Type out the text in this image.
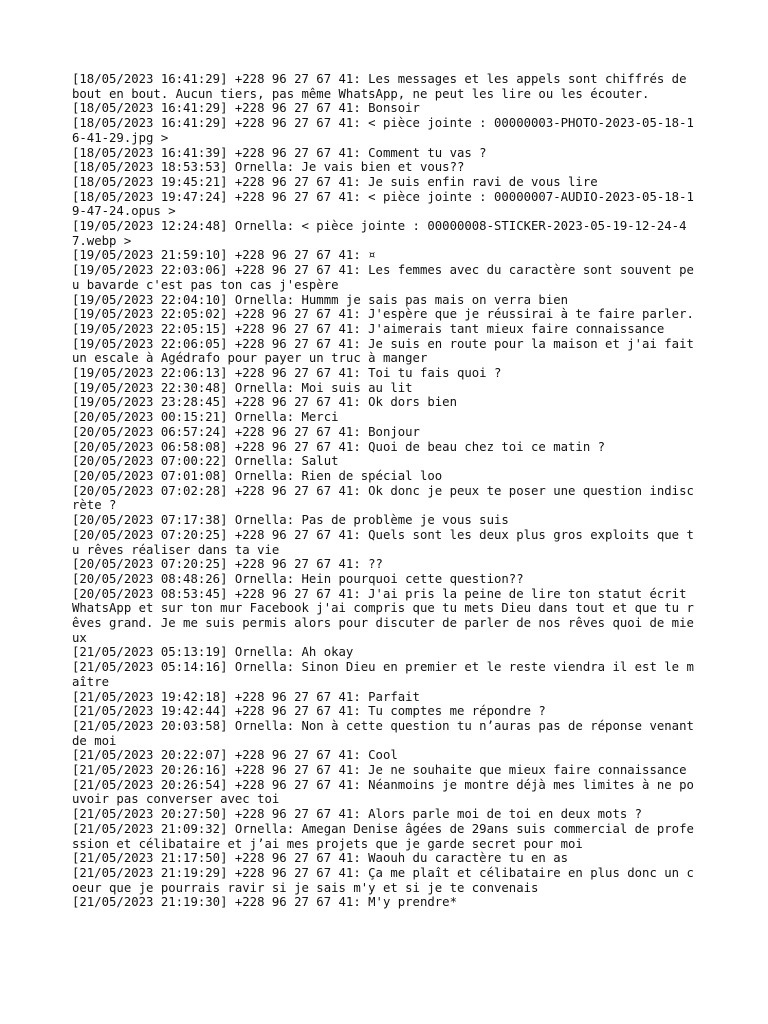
[18/05/2023 16:41:29] +228 96 27 67 41: Les messages et les appels sont chiffrés de bout en bout. Aucun tiers, pas même WhatsApp, ne peut les lire ou les écouter.

[18/05/2023 16:41:29] +228 96 27 67 41: Bonsoir

[18/05/2023 16:41:29] +228 96 27 67 41: < pièce jointe : 00000003-PHOTO-2023-05-18-16-41-29.jpg >

[18/05/2023 16:41:39] +228 96 27 67 41: Comment tu vas ?

[18/05/2023 18:53:53] Ornella: Je vais bien et vous??

[18/05/2023 19:45:21] +228 96 27 67 41: Je suis enfin ravi de vous lire

[18/05/2023 19:47:24] +228 96 27 67 41: < pièce jointe : 00000007-AUDIO-2023-05-18-19-47-24.opus >

[19/05/2023 12:24:48] Ornella: < pièce jointe : 00000008-STICKER-2023-05-19-12-24-47.webp >

[19/05/2023 21:59:10] +228 96 27 67 41: ¤

[19/05/2023 22:03:06] +228 96 27 67 41: Les femmes avec du caractère sont souvent peu bavarde c'est pas ton cas j'espère

[19/05/2023 22:04:10] Ornella: Hummm je sais pas mais on verra bien

[19/05/2023 22:05:02] +228 96 27 67 41: J'espère que je réussirai à te faire parler.

[19/05/2023 22:05:15] +228 96 27 67 41: J'aimerais tant mieux faire connaissance

[19/05/2023 22:06:05] +228 96 27 67 41: Je suis en route pour la maison et j'ai fait un escale à Agédrafo pour payer un truc à manger

[19/05/2023 22:06:13] +228 96 27 67 41: Toi tu fais quoi ?

[19/05/2023 22:30:48] Ornella: Moi suis au lit

[19/05/2023 23:28:45] +228 96 27 67 41: Ok dors bien

[20/05/2023 00:15:21] Ornella: Merci

[20/05/2023 06:57:24] +228 96 27 67 41: Bonjour

[20/05/2023 06:58:08] +228 96 27 67 41: Quoi de beau chez toi ce matin ?

[20/05/2023 07:00:22] Ornella: Salut

[20/05/2023 07:01:08] Ornella: Rien de spécial loo

[20/05/2023 07:02:28] +228 96 27 67 41: Ok donc je peux te poser une question indiscrète ?

[20/05/2023 07:17:38] Ornella: Pas de problème je vous suis

[20/05/2023 07:20:25] +228 96 27 67 41: Quels sont les deux plus gros exploits que tu rêves réaliser dans ta vie

[20/05/2023 07:20:25] +228 96 27 67 41: ??

[20/05/2023 08:48:26] Ornella: Hein pourquoi cette question??

[20/05/2023 08:53:45] +228 96 27 67 41: J'ai pris la peine de lire ton statut écrit WhatsApp et sur ton mur Facebook j'ai compris que tu mets Dieu dans tout et que tu rêves grand. Je me suis permis alors pour discuter de parler de nos rêves quoi de mieux

[21/05/2023 05:13:19] Ornella: Ah okay

[21/05/2023 05:14:16] Ornella: Sinon Dieu en premier et le reste viendra il est le maître

[21/05/2023 19:42:18] +228 96 27 67 41: Parfait

[21/05/2023 19:42:44] +228 96 27 67 41: Tu comptes me répondre ?

[21/05/2023 20:03:58] Ornella: Non à cette question tu n’auras pas de réponse venant de moi

[21/05/2023 20:22:07] +228 96 27 67 41: Cool

[21/05/2023 20:26:16] +228 96 27 67 41: Je ne souhaite que mieux faire connaissance

[21/05/2023 20:26:54] +228 96 27 67 41: Néanmoins je montre déjà mes limites à ne pouvoir pas converser avec toi

[21/05/2023 20:27:50] +228 96 27 67 41: Alors parle moi de toi en deux mots ?

[21/05/2023 21:09:32] Ornella: Amegan Denise âgées de 29ans suis commercial de profession et célibataire et j’ai mes projets que je garde secret pour moi

[21/05/2023 21:17:50] +228 96 27 67 41: Waouh du caractère tu en as

[21/05/2023 21:19:29] +228 96 27 67 41: Ça me plaît et célibataire en plus donc un coeur que je pourrais ravir si je sais m'y et si je te convenais

[21/05/2023 21:19:30] +228 96 27 67 41: M'y prendre*
